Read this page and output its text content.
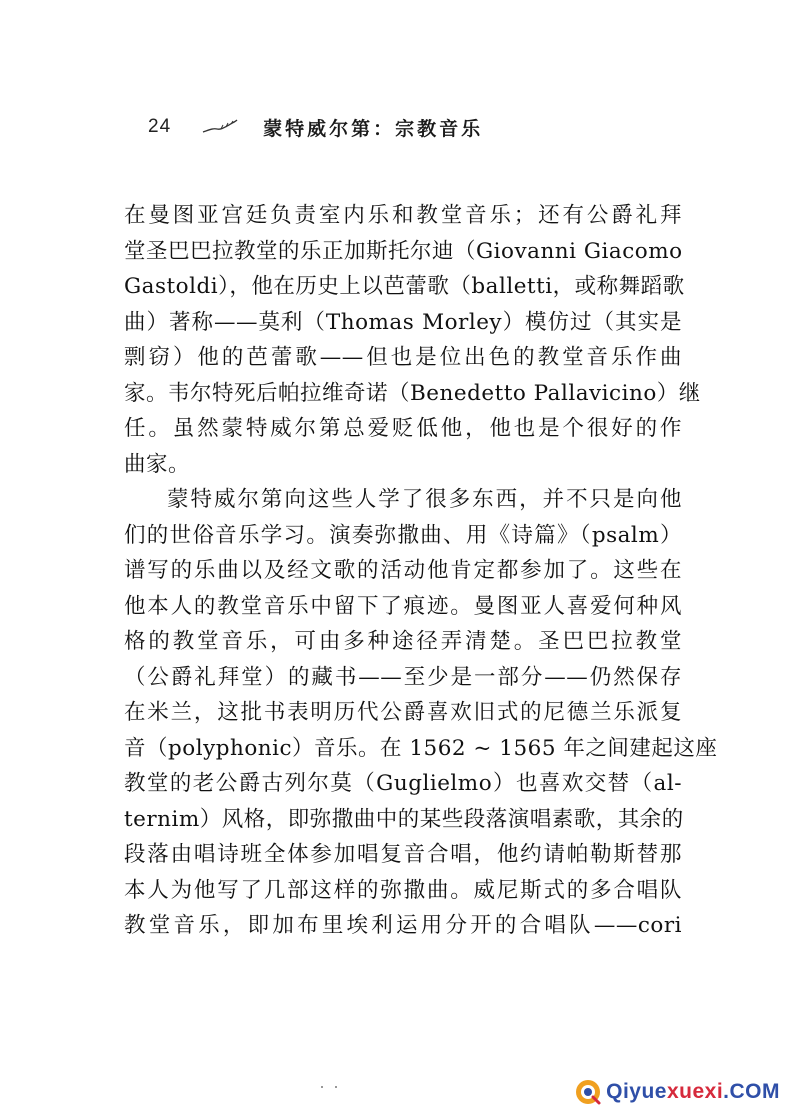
24	蒙特威尔第：宗教音乐
在曼图亚宫廷负责室内乐和教堂音乐；还有公爵礼拜
堂圣巴巴拉教堂的乐正加斯托尔迪（Giovanni Giacomo
Gastoldi），他在历史上以芭蕾歌（balletti，或称舞蹈歌
曲）著称——莫利（Thomas Morley）模仿过（其实是
剽窃）他的芭蕾歌——但也是位出色的教堂音乐作曲
家。韦尔特死后帕拉维奇诺（Benedetto Pallavicino）继
任。虽然蒙特威尔第总爱贬低他，他也是个很好的作
曲家。
蒙特威尔第向这些人学了很多东西，并不只是向他
们的世俗音乐学习。演奏弥撒曲、用《诗篇》（psalm）
谱写的乐曲以及经文歌的活动他肯定都参加了。这些在
他本人的教堂音乐中留下了痕迹。曼图亚人喜爱何种风
格的教堂音乐，可由多种途径弄清楚。圣巴巴拉教堂
（公爵礼拜堂）的藏书——至少是一部分——仍然保存
在米兰，这批书表明历代公爵喜欢旧式的尼德兰乐派复
音（polyphonic）音乐。在 1562 ~ 1565 年之间建起这座
教堂的老公爵古列尔莫（Guglielmo）也喜欢交替（al-
ternim）风格，即弥撒曲中的某些段落演唱素歌，其余的
段落由唱诗班全体参加唱复音合唱，他约请帕勒斯替那
本人为他写了几部这样的弥撒曲。威尼斯式的多合唱队
教堂音乐，即加布里埃利运用分开的合唱队——cori
Qiyuexuexi.COM
